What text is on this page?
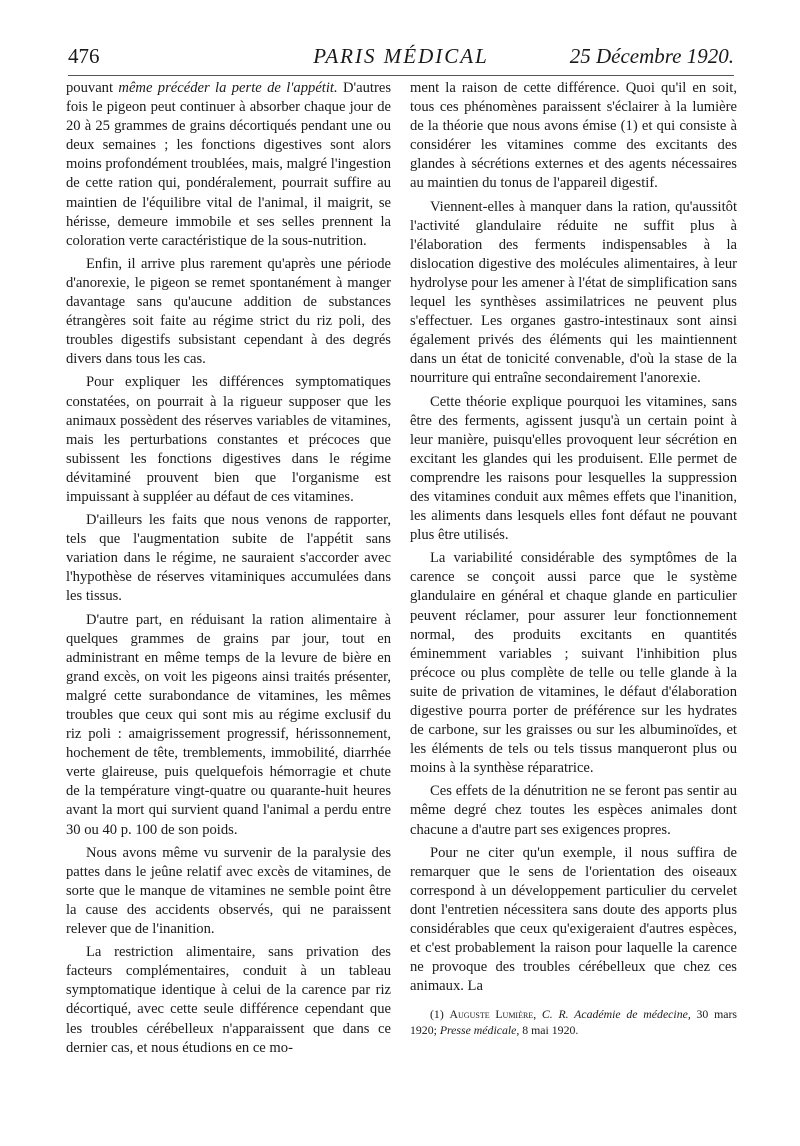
476	PARIS MÉDICAL	25 Décembre 1920.

pouvant même précéder la perte de l'appétit. D'autres fois le pigeon peut continuer à absorber chaque jour de 20 à 25 grammes de grains décortiqués pendant une ou deux semaines ; les fonctions digestives sont alors moins profondément troublées, mais, malgré l'ingestion de cette ration qui, pondéralement, pourrait suffire au maintien de l'équilibre vital de l'animal, il maigrit, se hérisse, demeure immobile et ses selles prennent la coloration verte caractéristique de la sous-nutrition.

Enfin, il arrive plus rarement qu'après une période d'anorexie, le pigeon se remet spontanément à manger davantage sans qu'aucune addition de substances étrangères soit faite au régime strict du riz poli, des troubles digestifs subsistant cependant à des degrés divers dans tous les cas.

Pour expliquer les différences symptomatiques constatées, on pourrait à la rigueur supposer que les animaux possèdent des réserves variables de vitamines, mais les perturbations constantes et précoces que subissent les fonctions digestives dans le régime dévitaminé prouvent bien que l'organisme est impuissant à suppléer au défaut de ces vitamines.

D'ailleurs les faits que nous venons de rapporter, tels que l'augmentation subite de l'appétit sans variation dans le régime, ne sauraient s'accorder avec l'hypothèse de réserves vitaminiques accumulées dans les tissus.

D'autre part, en réduisant la ration alimentaire à quelques grammes de grains par jour, tout en administrant en même temps de la levure de bière en grand excès, on voit les pigeons ainsi traités présenter, malgré cette surabondance de vitamines, les mêmes troubles que ceux qui sont mis au régime exclusif du riz poli : amaigrissement progressif, hérissonnement, hochement de tête, tremblements, immobilité, diarrhée verte glaireuse, puis quelquefois hémorragie et chute de la température vingt-quatre ou quarante-huit heures avant la mort qui survient quand l'animal a perdu entre 30 ou 40 p. 100 de son poids.

Nous avons même vu survenir de la paralysie des pattes dans le jeûne relatif avec excès de vitamines, de sorte que le manque de vitamines ne semble point être la cause des accidents observés, qui ne paraissent relever que de l'inanition.

La restriction alimentaire, sans privation des facteurs complémentaires, conduit à un tableau symptomatique identique à celui de la carence par riz décortiqué, avec cette seule différence cependant que les troubles cérébelleux n'apparaissent que dans ce dernier cas, et nous étudions en ce mo-

ment la raison de cette différence. Quoi qu'il en soit, tous ces phénomènes paraissent s'éclairer à la lumière de la théorie que nous avons émise (1) et qui consiste à considérer les vitamines comme des excitants des glandes à sécrétions externes et des agents nécessaires au maintien du tonus de l'appareil digestif.

Viennent-elles à manquer dans la ration, qu'aussitôt l'activité glandulaire réduite ne suffit plus à l'élaboration des ferments indispensables à la dislocation digestive des molécules alimentaires, à leur hydrolyse pour les amener à l'état de simplification sans lequel les synthèses assimilatrices ne peuvent plus s'effectuer. Les organes gastro-intestinaux sont ainsi également privés des éléments qui les maintiennent dans un état de tonicité convenable, d'où la stase de la nourriture qui entraîne secondairement l'anorexie.

Cette théorie explique pourquoi les vitamines, sans être des ferments, agissent jusqu'à un certain point à leur manière, puisqu'elles provoquent leur sécrétion en excitant les glandes qui les produisent. Elle permet de comprendre les raisons pour lesquelles la suppression des vitamines conduit aux mêmes effets que l'inanition, les aliments dans lesquels elles font défaut ne pouvant plus être utilisés.

La variabilité considérable des symptômes de la carence se conçoit aussi parce que le système glandulaire en général et chaque glande en particulier peuvent réclamer, pour assurer leur fonctionnement normal, des produits excitants en quantités éminemment variables ; suivant l'inhibition plus précoce ou plus complète de telle ou telle glande à la suite de privation de vitamines, le défaut d'élaboration digestive pourra porter de préférence sur les hydrates de carbone, sur les graisses ou sur les albuminoïdes, et les éléments de tels ou tels tissus manqueront plus ou moins à la synthèse réparatrice.

Ces effets de la dénutrition ne se feront pas sentir au même degré chez toutes les espèces animales dont chacune a d'autre part ses exigences propres.

Pour ne citer qu'un exemple, il nous suffira de remarquer que le sens de l'orientation des oiseaux correspond à un développement particulier du cervelet dont l'entretien nécessitera sans doute des apports plus considérables que ceux qu'exigeraient d'autres espèces, et c'est probablement la raison pour laquelle la carence ne provoque des troubles cérébelleux que chez ces animaux. La

(1) Auguste Lumière, C. R. Académie de médecine, 30 mars 1920; Presse médicale, 8 mai 1920.
